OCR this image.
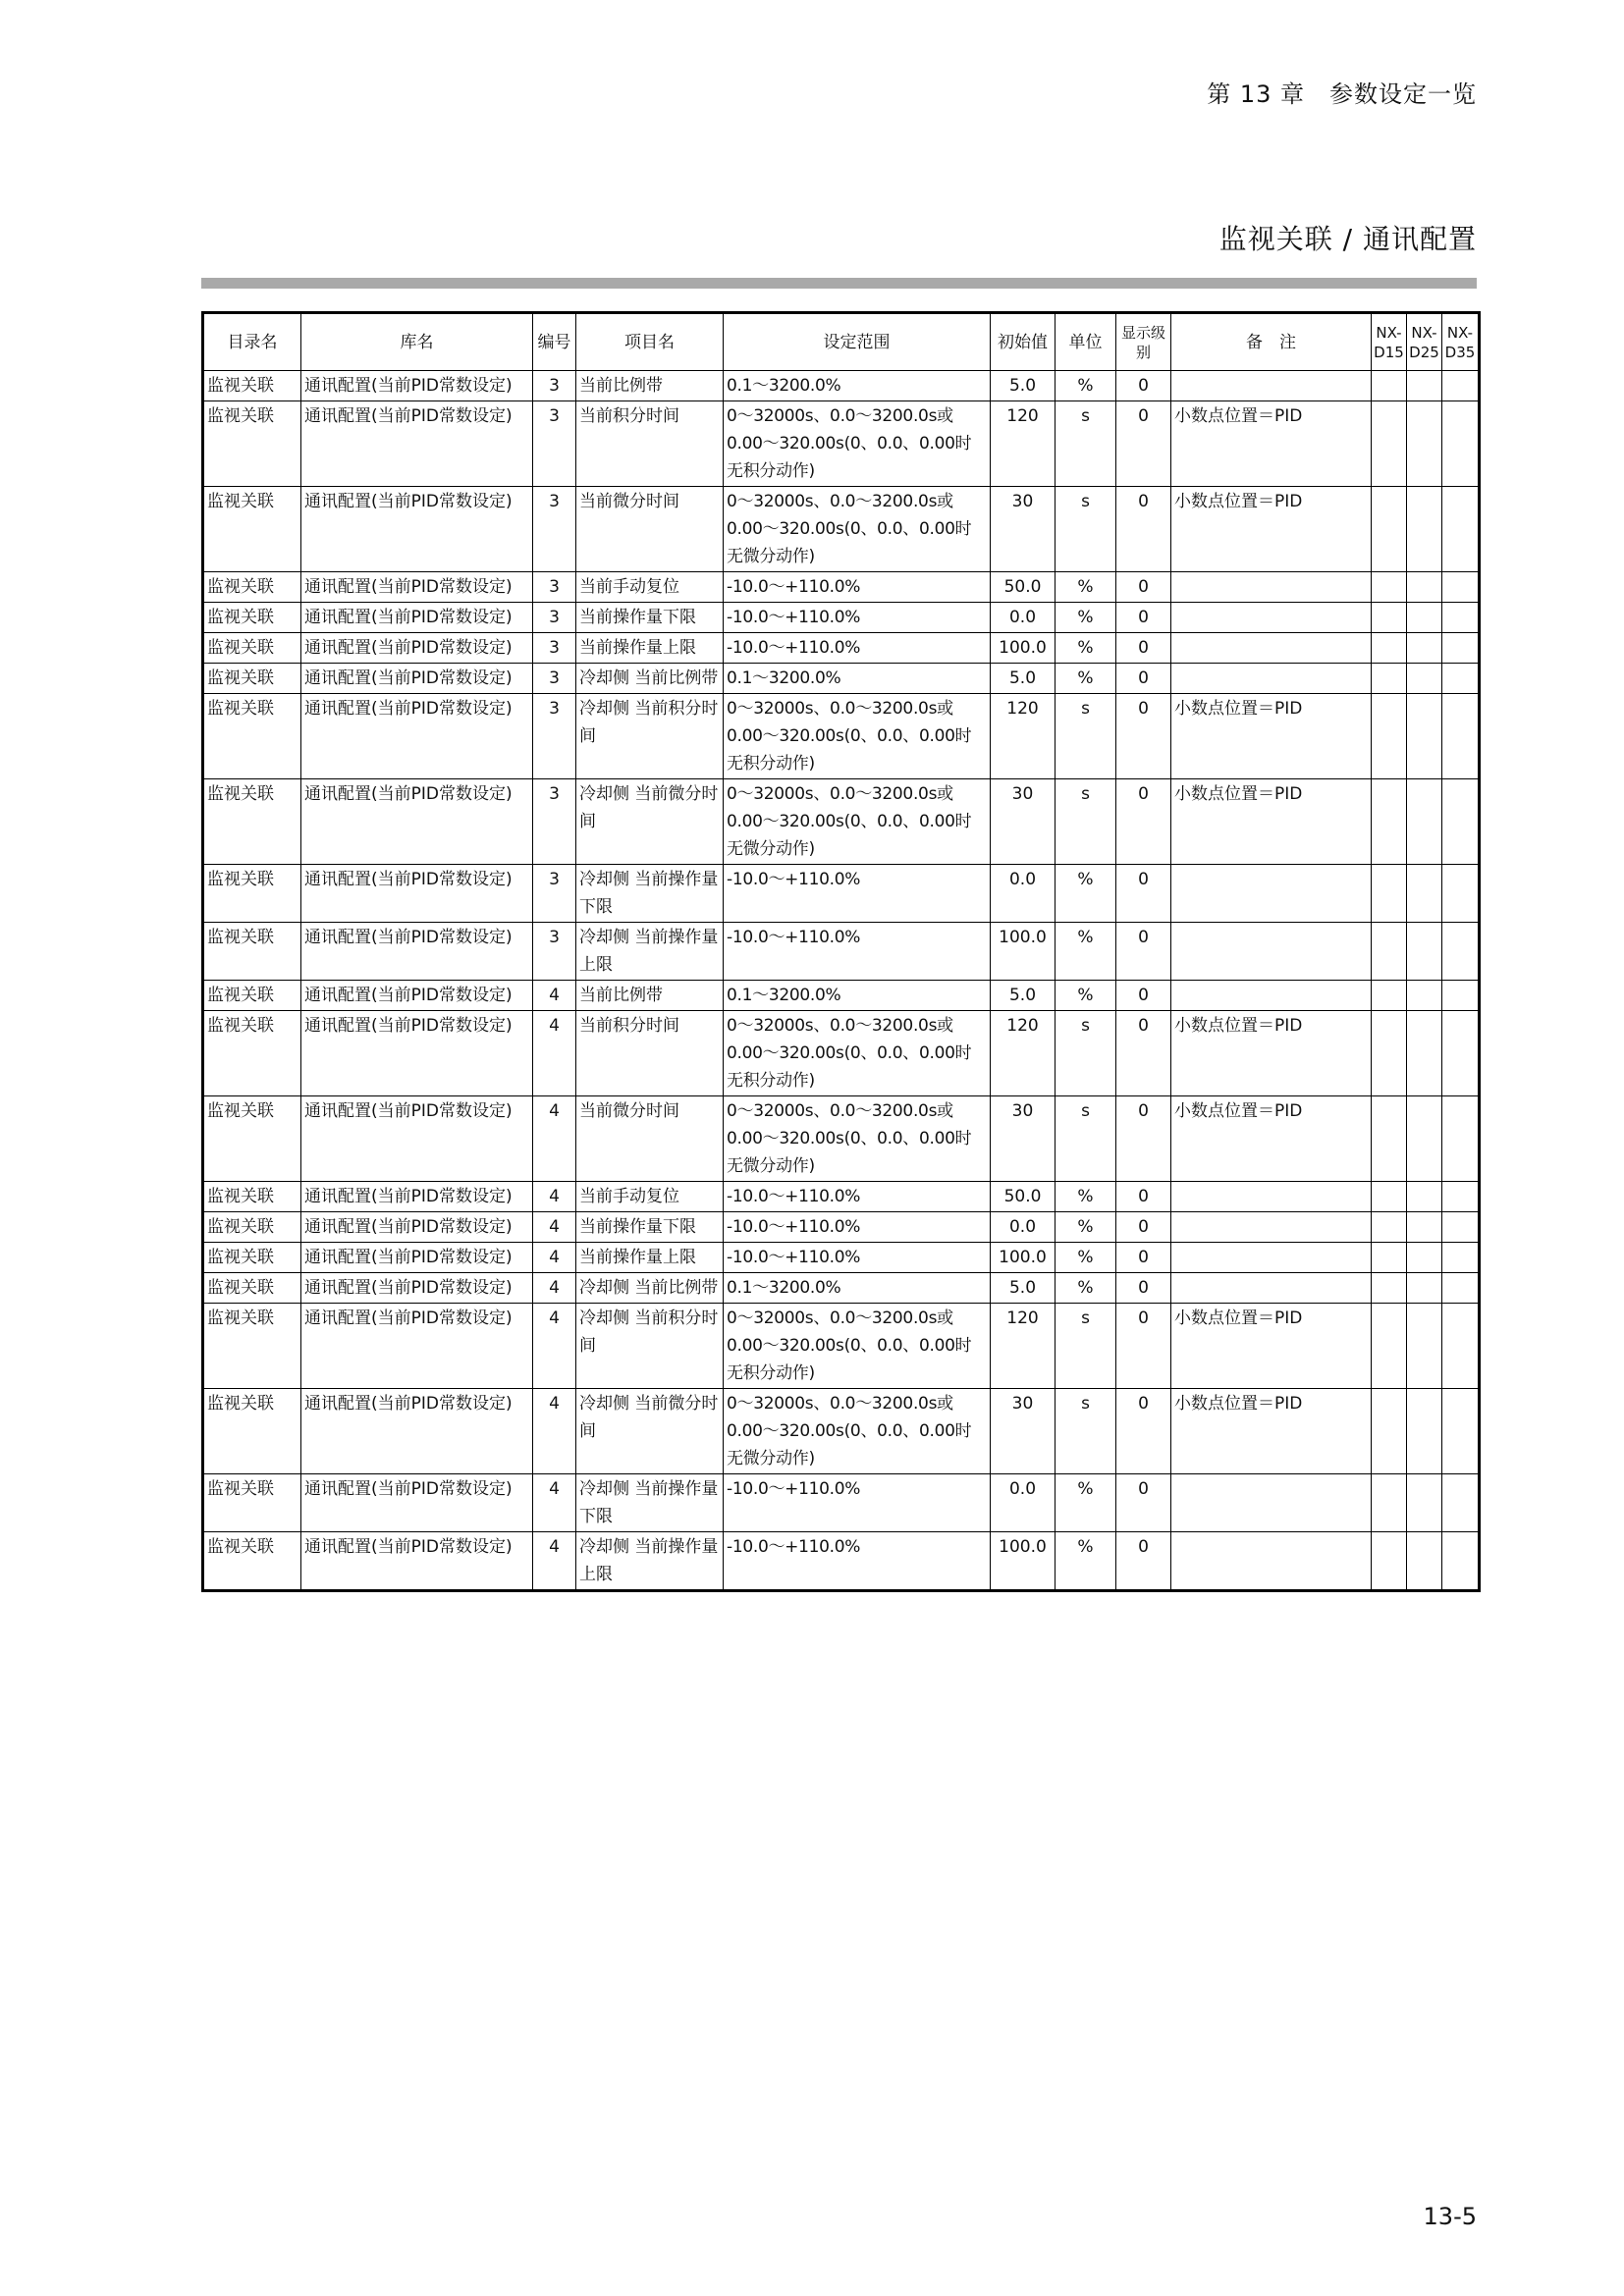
第 13 章　参数设定一览
监视关联 / 通讯配置
目录名	库名	编号	项目名	设定范围	初始值	单位	显示级别	备　注	NX-D15	NX-D25	NX-D35
监视关联	通讯配置(当前PID常数设定)	3	当前比例带	0.1～3200.0%	5.0	%	0				
监视关联	通讯配置(当前PID常数设定)	3	当前积分时间	0～32000s、0.0～3200.0s或0.00～320.00s(0、0.0、0.00时无积分动作)	120	s	0	小数点位置＝PID			
监视关联	通讯配置(当前PID常数设定)	3	当前微分时间	0～32000s、0.0～3200.0s或0.00～320.00s(0、0.0、0.00时无微分动作)	30	s	0	小数点位置＝PID			
监视关联	通讯配置(当前PID常数设定)	3	当前手动复位	-10.0～+110.0%	50.0	%	0				
监视关联	通讯配置(当前PID常数设定)	3	当前操作量下限	-10.0～+110.0%	0.0	%	0				
监视关联	通讯配置(当前PID常数设定)	3	当前操作量上限	-10.0～+110.0%	100.0	%	0				
监视关联	通讯配置(当前PID常数设定)	3	冷却侧 当前比例带	0.1～3200.0%	5.0	%	0				
监视关联	通讯配置(当前PID常数设定)	3	冷却侧 当前积分时间	0～32000s、0.0～3200.0s或0.00～320.00s(0、0.0、0.00时无积分动作)	120	s	0	小数点位置＝PID			
监视关联	通讯配置(当前PID常数设定)	3	冷却侧 当前微分时间	0～32000s、0.0～3200.0s或0.00～320.00s(0、0.0、0.00时无微分动作)	30	s	0	小数点位置＝PID			
监视关联	通讯配置(当前PID常数设定)	3	冷却侧 当前操作量下限	-10.0～+110.0%	0.0	%	0				
监视关联	通讯配置(当前PID常数设定)	3	冷却侧 当前操作量上限	-10.0～+110.0%	100.0	%	0				
监视关联	通讯配置(当前PID常数设定)	4	当前比例带	0.1～3200.0%	5.0	%	0				
监视关联	通讯配置(当前PID常数设定)	4	当前积分时间	0～32000s、0.0～3200.0s或0.00～320.00s(0、0.0、0.00时无积分动作)	120	s	0	小数点位置＝PID			
监视关联	通讯配置(当前PID常数设定)	4	当前微分时间	0～32000s、0.0～3200.0s或0.00～320.00s(0、0.0、0.00时无微分动作)	30	s	0	小数点位置＝PID			
监视关联	通讯配置(当前PID常数设定)	4	当前手动复位	-10.0～+110.0%	50.0	%	0				
监视关联	通讯配置(当前PID常数设定)	4	当前操作量下限	-10.0～+110.0%	0.0	%	0				
监视关联	通讯配置(当前PID常数设定)	4	当前操作量上限	-10.0～+110.0%	100.0	%	0				
监视关联	通讯配置(当前PID常数设定)	4	冷却侧 当前比例带	0.1～3200.0%	5.0	%	0				
监视关联	通讯配置(当前PID常数设定)	4	冷却侧 当前积分时间	0～32000s、0.0～3200.0s或0.00～320.00s(0、0.0、0.00时无积分动作)	120	s	0	小数点位置＝PID			
监视关联	通讯配置(当前PID常数设定)	4	冷却侧 当前微分时间	0～32000s、0.0～3200.0s或0.00～320.00s(0、0.0、0.00时无微分动作)	30	s	0	小数点位置＝PID			
监视关联	通讯配置(当前PID常数设定)	4	冷却侧 当前操作量下限	-10.0～+110.0%	0.0	%	0				
监视关联	通讯配置(当前PID常数设定)	4	冷却侧 当前操作量上限	-10.0～+110.0%	100.0	%	0				
13-5
